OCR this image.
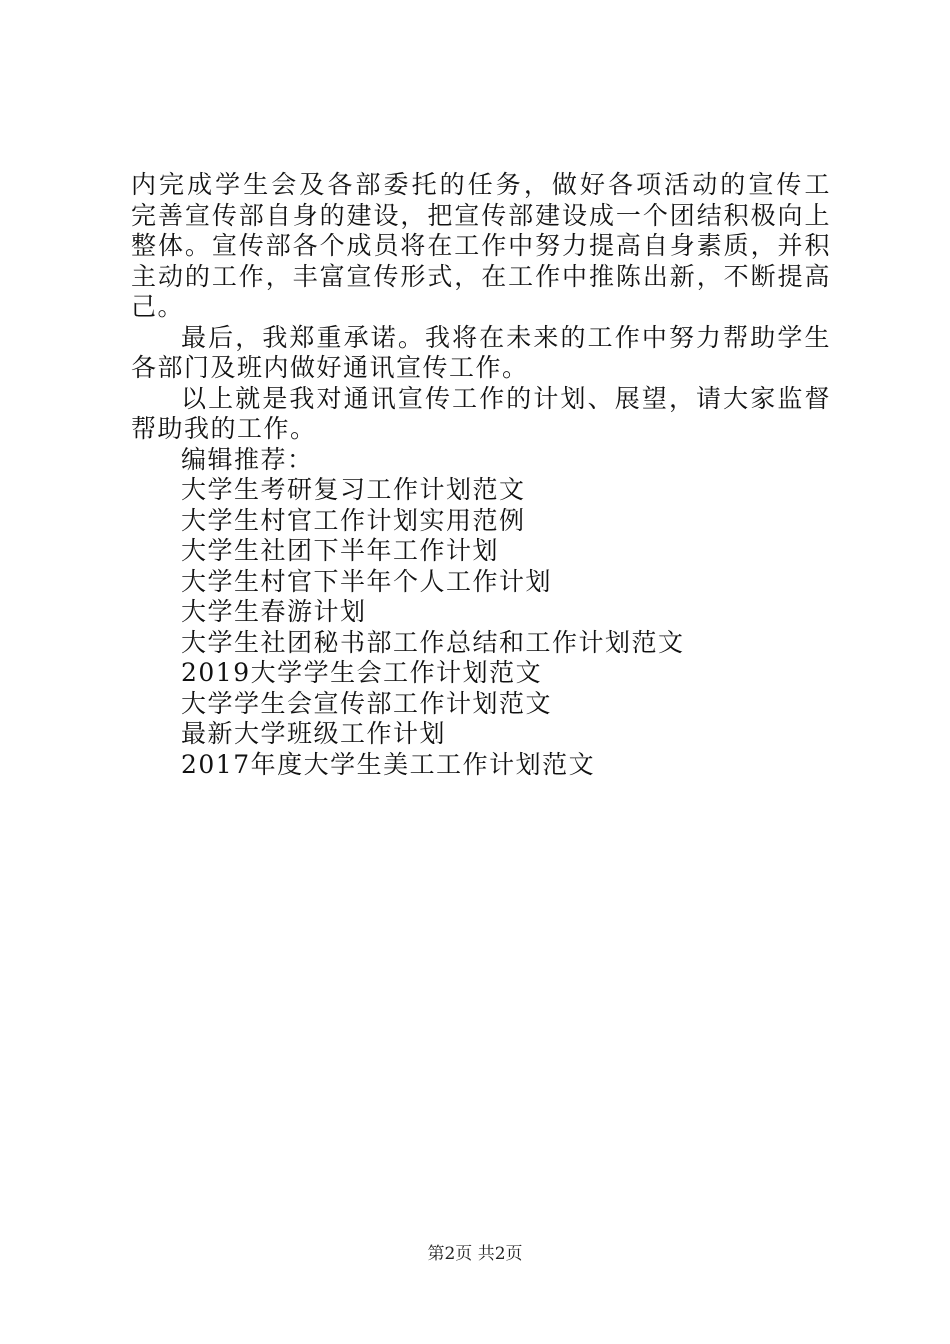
内完成学生会及各部委托的任务，做好各项活动的宣传工
完善宣传部自身的建设，把宣传部建设成一个团结积极向上
整体。宣传部各个成员将在工作中努力提高自身素质，并积
主动的工作，丰富宣传形式，在工作中推陈出新，不断提高
己。
最后，我郑重承诺。我将在未来的工作中努力帮助学生
各部门及班内做好通讯宣传工作。
以上就是我对通讯宣传工作的计划、展望，请大家监督
帮助我的工作。
编辑推荐：
大学生考研复习工作计划范文
大学生村官工作计划实用范例
大学生社团下半年工作计划
大学生村官下半年个人工作计划
大学生春游计划
大学生社团秘书部工作总结和工作计划范文
2019大学学生会工作计划范文
大学学生会宣传部工作计划范文
最新大学班级工作计划
2017年度大学生美工工作计划范文
第2页 共2页
